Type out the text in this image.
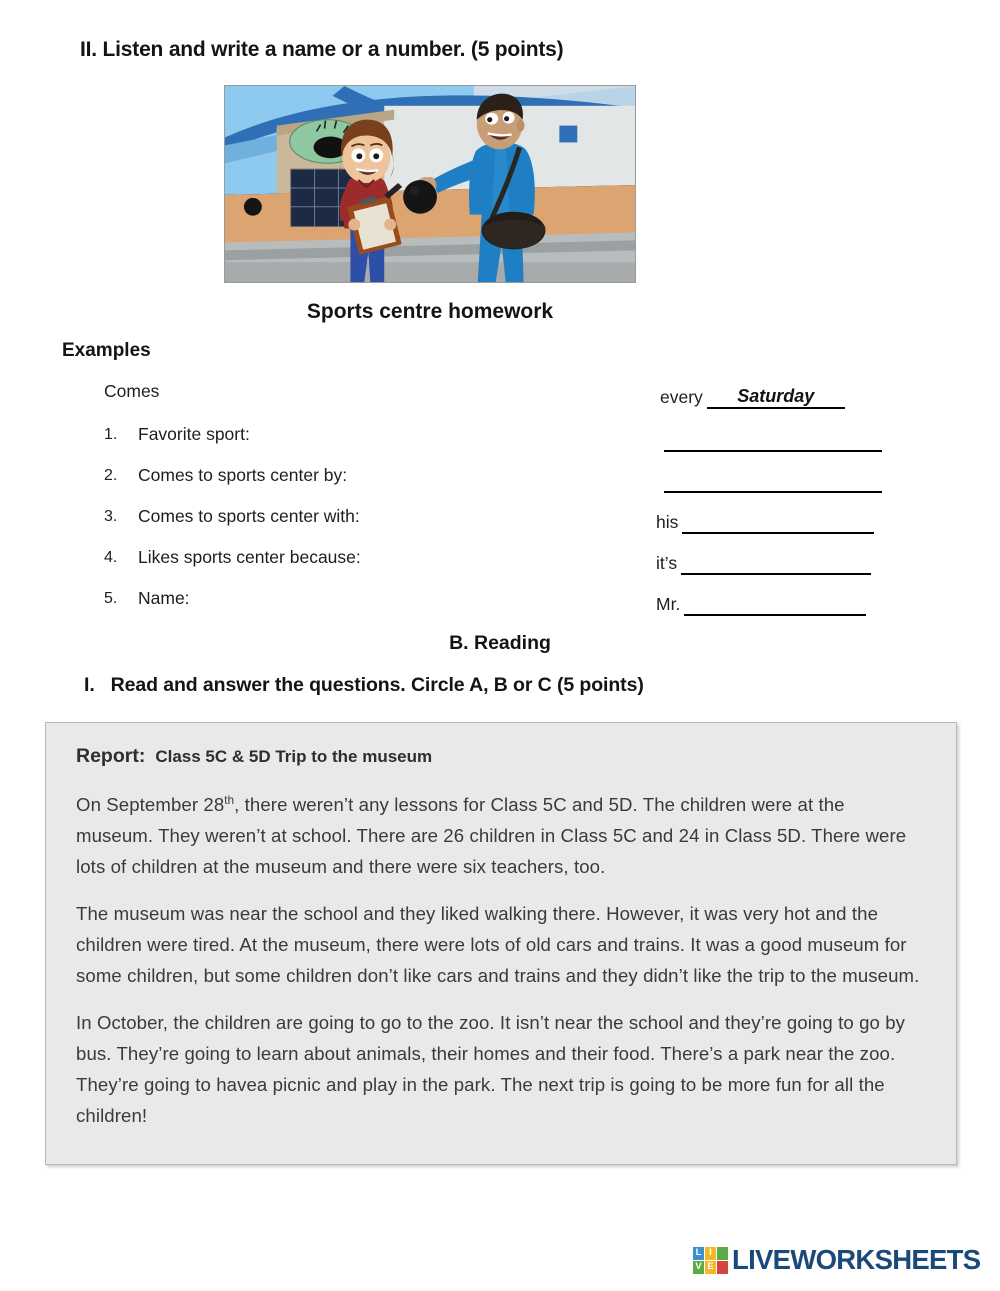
II. Listen and write a name or a number. (5 points)
Sports centre homework
Examples
Comes	every	Saturday
1.	Favorite sport:
2.	Comes to sports center by:
3.	Comes to sports center with:	his
4.	Likes sports center because:	it’s
5.	Name:	Mr.
B. Reading
I. Read and answer the questions. Circle A, B or C (5 points)
Report: Class 5C & 5D Trip to the museum

On September 28th, there weren’t any lessons for Class 5C and 5D. The children were at the museum. They weren’t at school. There are 26 children in Class 5C and 24 in Class 5D. There were lots of children at the museum and there were six teachers, too.

The museum was near the school and they liked walking there. However, it was very hot and the children were tired. At the museum, there were lots of old cars and trains. It was a good museum for some children, but some children don’t like cars and trains and they didn’t like the trip to the museum.

In October, the children are going to go to the zoo. It isn’t near the school and they’re going to go by bus. They’re going to learn about animals, their homes and their food. There’s a park near the zoo. They’re going to havea picnic and play in the park. The next trip is going to be more fun for all the children!

L I
V E LIVEWORKSHEETS
